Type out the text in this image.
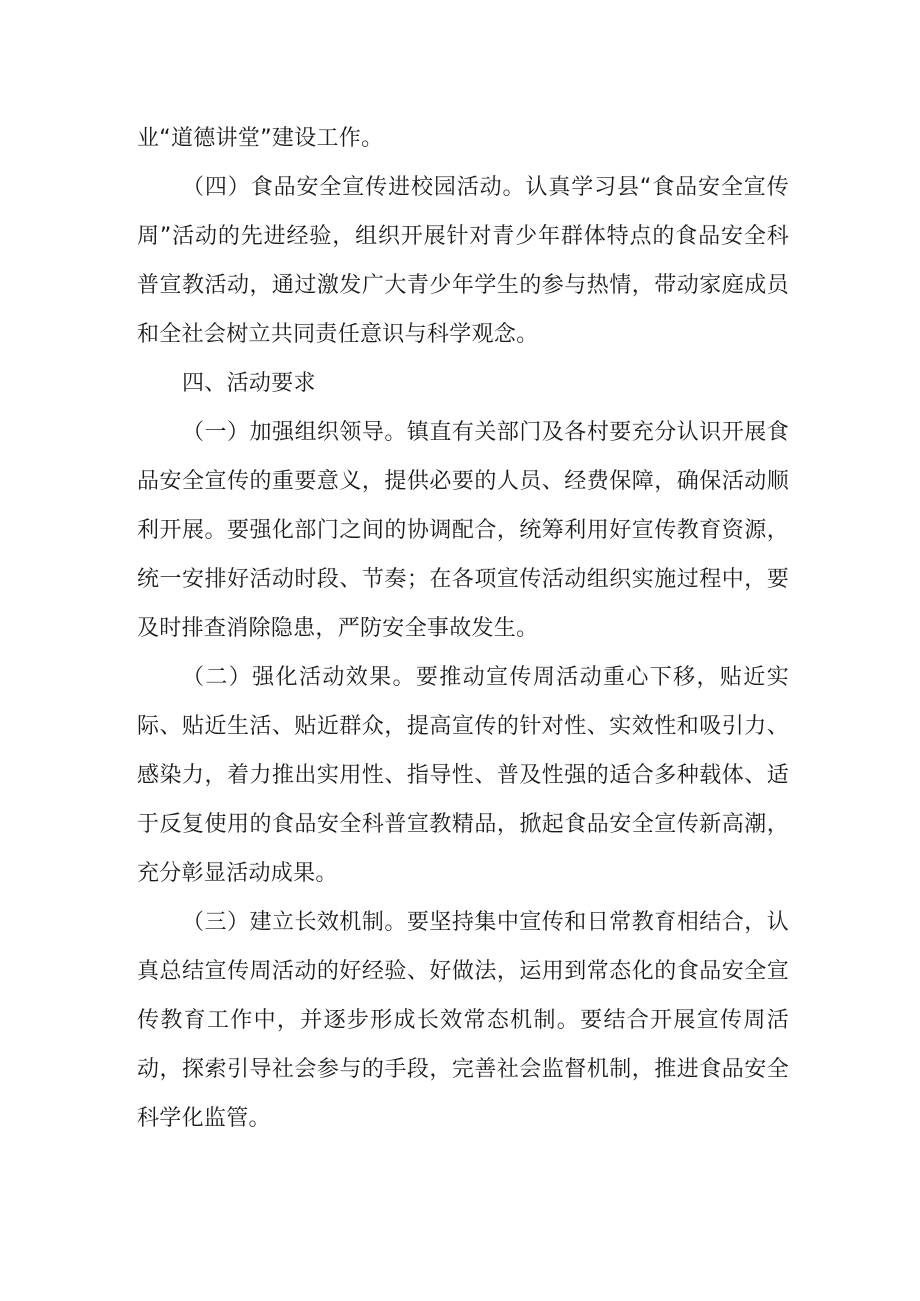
业“道德讲堂”建设工作。

（四）食品安全宣传进校园活动。认真学习县“食品安全宣传周”活动的先进经验，组织开展针对青少年群体特点的食品安全科普宣教活动，通过激发广大青少年学生的参与热情，带动家庭成员和全社会树立共同责任意识与科学观念。

四、活动要求

（一）加强组织领导。镇直有关部门及各村要充分认识开展食品安全宣传的重要意义，提供必要的人员、经费保障，确保活动顺利开展。要强化部门之间的协调配合，统筹利用好宣传教育资源，统一安排好活动时段、节奏；在各项宣传活动组织实施过程中，要及时排查消除隐患，严防安全事故发生。

（二）强化活动效果。要推动宣传周活动重心下移，贴近实际、贴近生活、贴近群众，提高宣传的针对性、实效性和吸引力、感染力，着力推出实用性、指导性、普及性强的适合多种载体、适于反复使用的食品安全科普宣教精品，掀起食品安全宣传新高潮，充分彰显活动成果。

（三）建立长效机制。要坚持集中宣传和日常教育相结合，认真总结宣传周活动的好经验、好做法，运用到常态化的食品安全宣传教育工作中，并逐步形成长效常态机制。要结合开展宣传周活动，探索引导社会参与的手段，完善社会监督机制，推进食品安全科学化监管。
